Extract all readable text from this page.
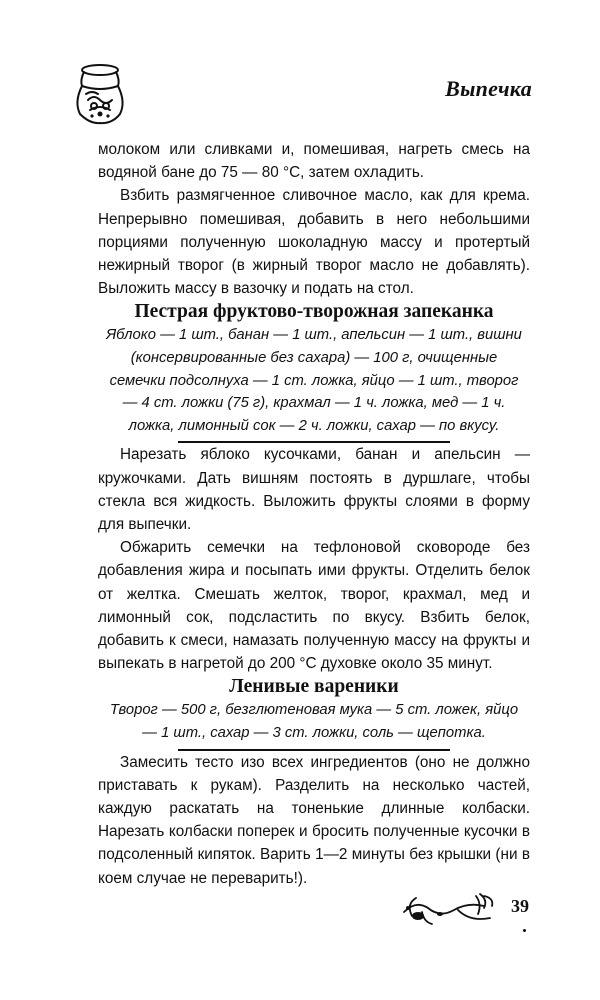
Выпечка

молоком или сливками и, помешивая, нагреть смесь на водяной бане до 75 — 80 °С, затем охладить.

Взбить размягченное сливочное масло, как для крема. Непрерывно помешивая, добавить в него небольшими порциями полученную шоколадную массу и протертый нежирный творог (в жирный творог масло не добавлять). Выложить массу в вазочку и подать на стол.

Пестрая фруктово-творожная запеканка

Яблоко — 1 шт., банан — 1 шт., апельсин — 1 шт., вишни (консервированные без сахара) — 100 г, очищенные семечки подсолнуха — 1 ст. ложка, яйцо — 1 шт., творог — 4 ст. ложки (75 г), крахмал — 1 ч. ложка, мед — 1 ч. ложка, лимонный сок — 2 ч. ложки, сахар — по вкусу.

Нарезать яблоко кусочками, банан и апельсин — кружочками. Дать вишням постоять в дуршлаге, чтобы стекла вся жидкость. Выложить фрукты слоями в форму для выпечки.

Обжарить семечки на тефлоновой сковороде без добавления жира и посыпать ими фрукты. Отделить белок от желтка. Смешать желток, творог, крахмал, мед и лимонный сок, подсластить по вкусу. Взбить белок, добавить к смеси, намазать полученную массу на фрукты и выпекать в нагретой до 200 °С духовке около 35 минут.

Ленивые вареники

Творог — 500 г, безглютеновая мука — 5 ст. ложек, яйцо — 1 шт., сахар — 3 ст. ложки, соль — щепотка.

Замесить тесто изо всех ингредиентов (оно не должно приставать к рукам). Разделить на несколько частей, каждую раскатать на тоненькие длинные колбаски. Нарезать колбаски поперек и бросить полученные кусочки в подсоленный кипяток. Варить 1—2 минуты без крышки (ни в коем случае не переварить!).

39
